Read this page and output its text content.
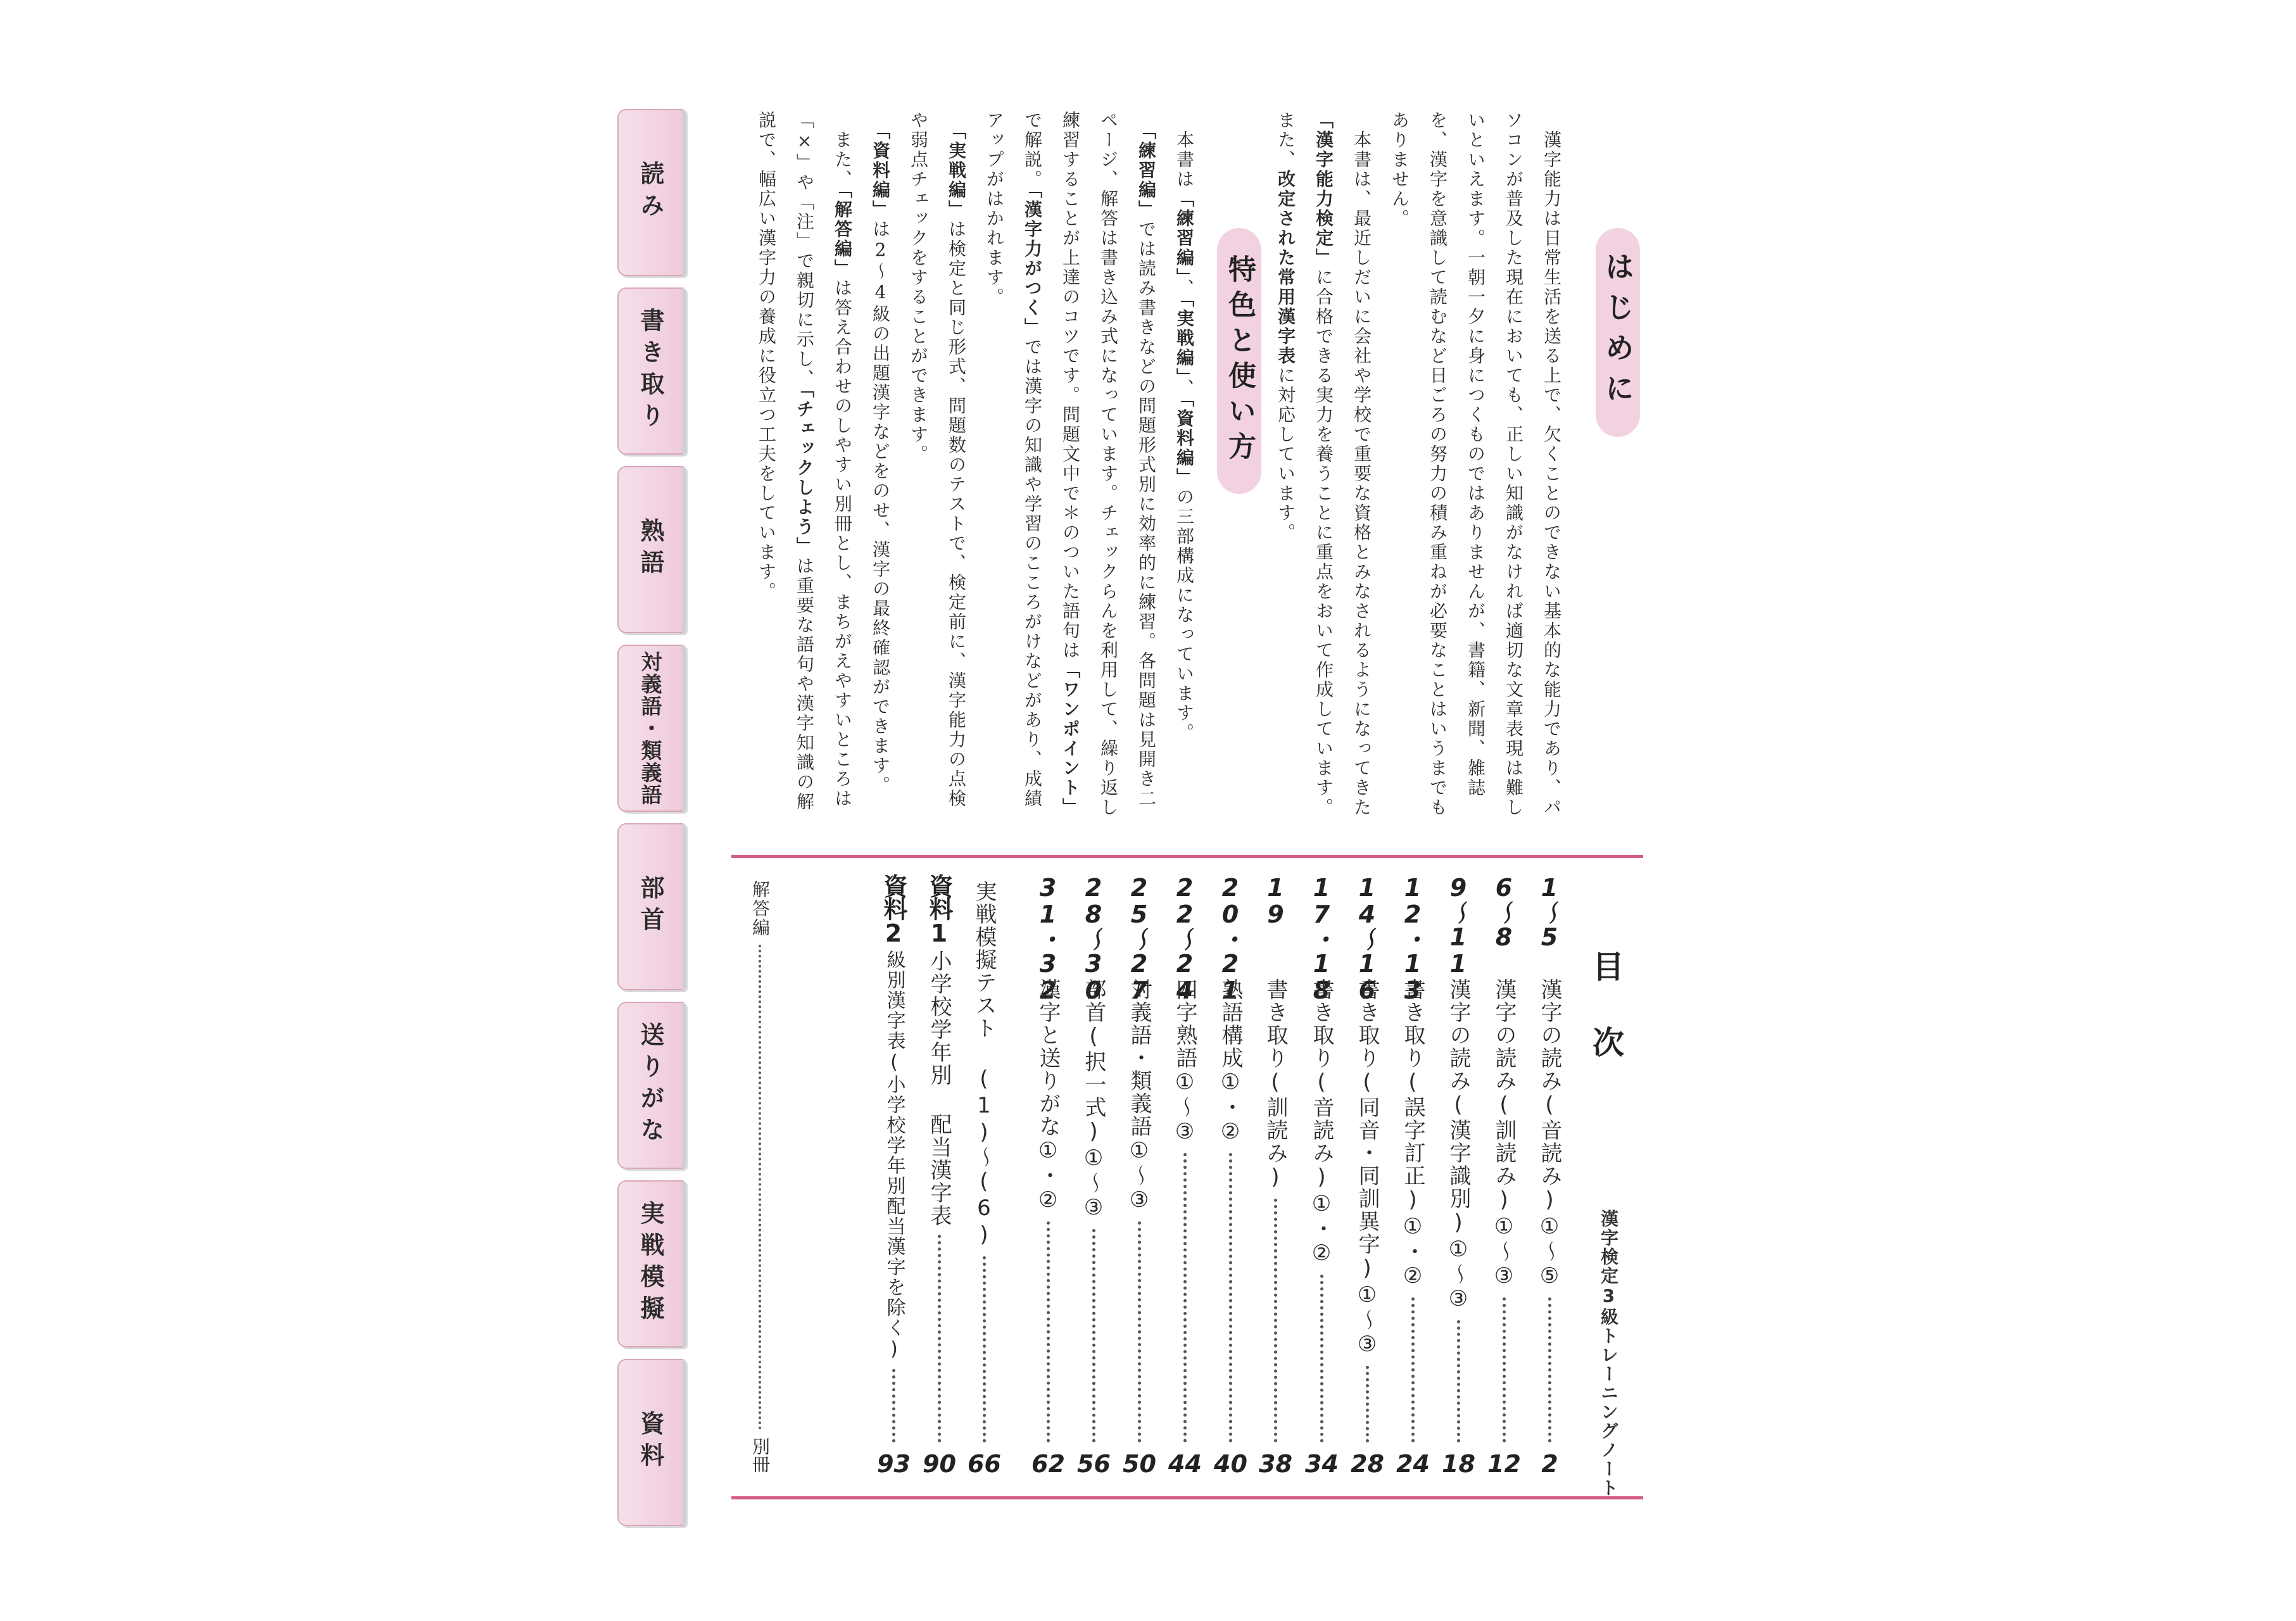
読み
書き取り
熟語
対義語・類義語
部首
送りがな
実戦模擬
資料
はじめに

　漢字能力は日常生活を送る上で、欠くことのできない基本的な能力であり、パソコンが普及した現在においても、正しい知識がなければ適切な文章表現は難しいといえます。一朝一夕に身につくものではありませんが、書籍、新聞、雑誌を、漢字を意識して読むなど日ごろの努力の積み重ねが必要なことはいうまでもありません。

　本書は、最近しだいに会社や学校で重要な資格とみなされるようになってきた「漢字能力検定」に合格できる実力を養うことに重点をおいて作成しています。また、改定された常用漢字表に対応しています。

特色と使い方

　本書は「練習編」、「実戦編」、「資料編」の三部構成になっています。

　「練習編」では読み書きなどの問題形式別に効率的に練習。各問題は見開き二ページ、解答は書き込み式になっています。チェックらんを利用して、繰り返し練習することが上達のコツです。問題文中で＊のついた語句は「ワンポイント」で解説。「漢字力がつく」では漢字の知識や学習のこころがけなどがあり、成績アップがはかれます。

　「実戦編」は検定と同じ形式、問題数のテストで、検定前に、漢字能力の点検や弱点チェックをすることができます。

　「資料編」は2～4級の出題漢字などをのせ、漢字の最終確認ができます。

　また、「解答編」は答え合わせのしやすい別冊とし、まちがえやすいところは「×」や「注」で親切に示し、「チェックしよう」は重要な語句や漢字知識の解説で、幅広い漢字力の養成に役立つ工夫をしています。

目次
漢字検定3級トレーニングノート
1～5
漢字の読み(音読み)①～⑤
2
6～8
漢字の読み(訓読み)①～③
12
9～11
漢字の読み(漢字識別)①～③
18
12・13
書き取り(誤字訂正)①・②
24
14～16
書き取り(同音・同訓異字)①～③
28
17・18
書き取り(音読み)①・②
34
19
書き取り(訓読み)
38
20・21
熟語構成①・②
40
22～24
四字熟語①～③
44
25～27
対義語・類義語①～③
50
28～30
部首(択一式)①～③
56
31・32
漢字と送りがな①・②
62
実戦模擬テスト (1)～(6)
66
資料1
小学校学年別 配当漢字表
90
資料2
級別漢字表(小学校学年別配当漢字を除く)
93
解答編
別冊
